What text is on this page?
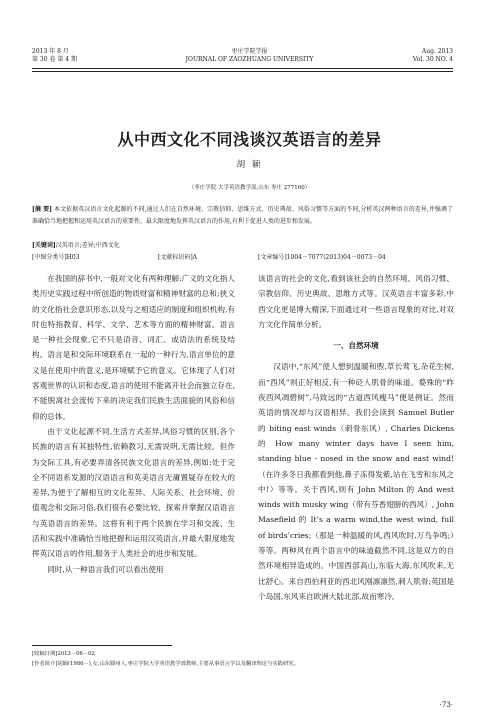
2013 年 8 月
第 30 卷 第 4 期
枣庄学院学报
JOURNAL OF ZAOZHUANG UNIVERSITY
Aug. 2013
Vol. 30 NO. 4
从中西文化不同浅谈汉英语言的差异
胡 颖
（枣庄学院 大学英语教学部,山东 枣庄 277160）
[摘 要] 本文依据英汉语言文化起源的不同,通过人们在自然环境、宗教信仰、思维方式、历史典故、风俗习惯等方面的不同,分析英汉两种语言的差异,并强调了准确恰当地把握和运用英汉语言的重要性。最大限度地发挥英汉语言的作用,有利于促进人类的进步和发展。
[关键词]汉英语言;差异;中西文化
[中图分类号]H03	[文献标识码]A	[文章编号]1004－7077(2013)04－0073－04

在我国的辞书中,一般对文化有两种理解:广义的文化指人类历史实践过程中所创造的物质财富和精神财富的总和;狭义的文化指社会意识形态,以及与之相适应的制度和组织机构,有时也特指教育、科学、文学、艺术等方面的精神财富。语言是一种社会现象,它不只是语音、词汇、或语法的系统及结构。语言是和交际环境联系在一起的一种行为,语言单位的意义是在使用中的意义,是环境赋予它的意义。它体现了人们对客观世界的认识和态度,语言的使用不能离开社会而独立存在,不能脱离社会流传下来的决定我们民族生活面貌的风俗和信仰的总体。

由于文化起源不同,生活方式差异,风俗习惯的区别,各个民族的语言有其独特性,依赖教习,无需说明,无需比较。但作为交际工具,有必要弄清各民族文化语言的差异,例如:处于完全不同语系发源的汉语语言和英美语言无庸置疑存在较大的差异,为便于了解相互的文化差异、人际关系、社会环境、价值观念和交际习俗,我们很有必要比较、探索并掌握汉语语言与英语语言的差异。这将有利于两个民族在学习和交流、生活和实践中准确恰当地把握和运用汉英语言,并最大限度地发挥英汉语言的作用,服务于人类社会的进步和发展。

同时,从一种语言我们可以看出使用

该语言的社会的文化,看到该社会的自然环境、风俗习惯、宗教信仰、历史典故、思维方式等。汉英语言丰富多彩,中西文化更是博大精深,下面通过对一些语言现象的对比,对双方文化作简单分析。

一、自然环境

汉语中,“东风”使人想到温暖和煦,草长莺飞,杂花生树,而“西风”则正好相反,有一种砭人肌骨的味道。婺殊的“昨夜西风凋碧树”,马致远的“古道西风瘦马”便是例证。然而英语的情况却与汉语相异。我们会读到 Samuel Butler 的 biting east winds（刺骨东风）, Charles Dickens 的 How many winter days have I seen him, standing blue - nosed in the snow and east wind!（在许多冬日我都看到他,鼻子冻得发紫,站在飞雪和东风之中!）等等。关于西风,则有 John Milton 的 And west winds with musky wing（带有芬香翅膀的西风）, John Masefield 的 It’s a warm wind,the west wind, full of birds’cries;（那是一种温暖的风,西风吹时,万鸟争鸣;）等等。两种风在两个语言中的味道截然不同,这是双方的自然环境相异造成的。中国西部高山,东临大海,东风吹来,无比舒心。来自西伯利亚的西北风刚凛凛然,刺人肌骨;英国是个岛国,东风来自欧洲大陆北部,故而寒冷,

[收稿日期]2013－06－02
[作者简介]胡颖(1986－),女,山东滕州人,枣庄学院大学英语教学部教师,主要从事语言学以及翻译理论与实践研究。
·73·
